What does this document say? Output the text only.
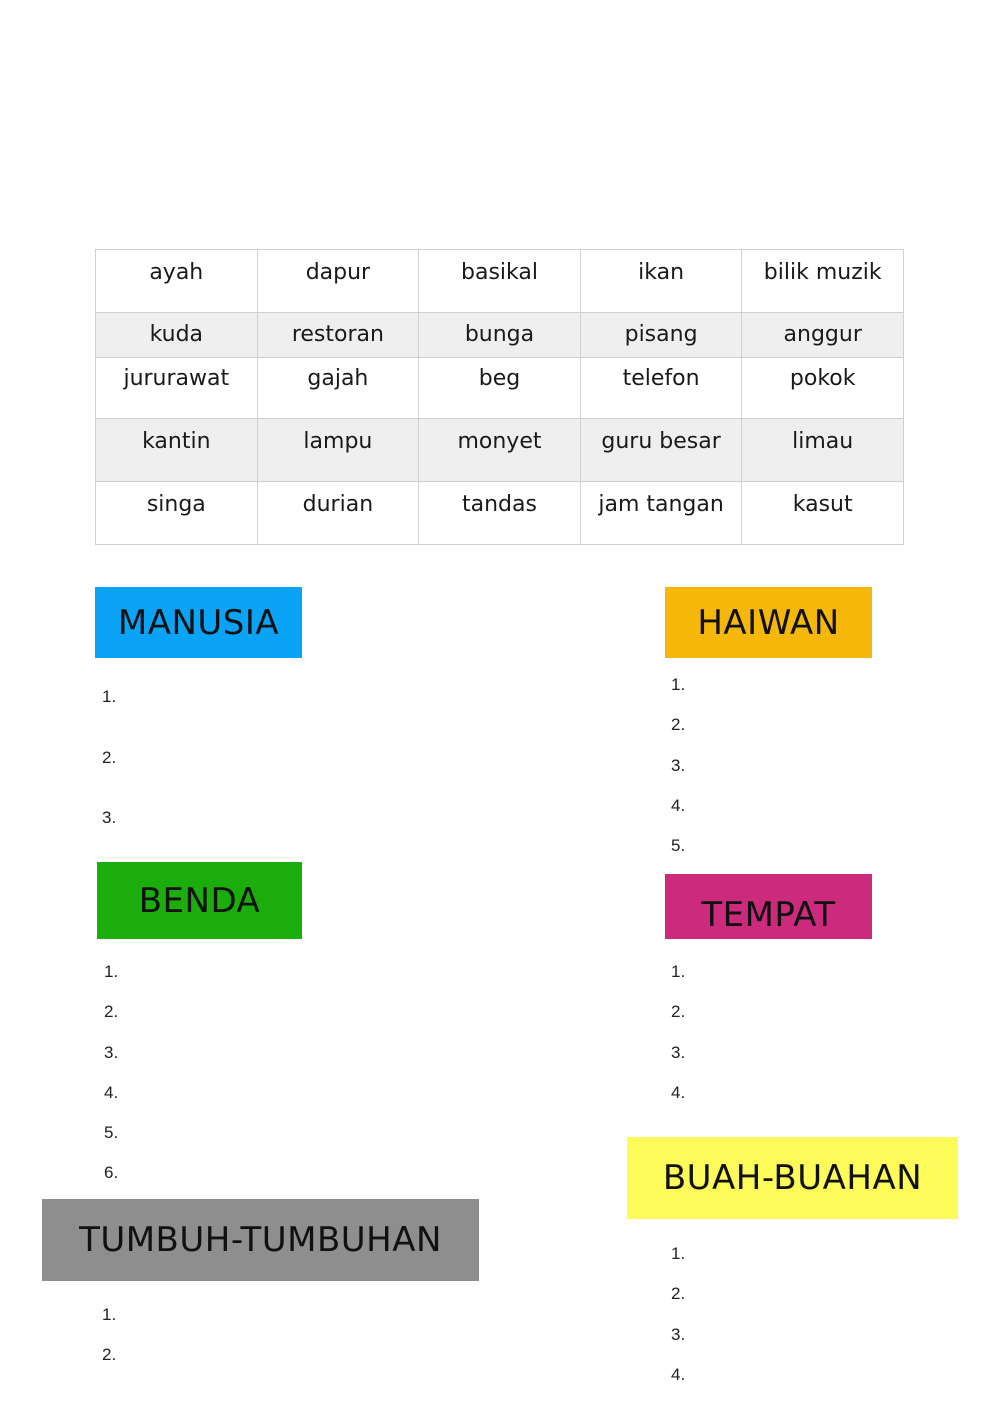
ayah	dapur	basikal	ikan	bilik muzik
kuda	restoran	bunga	pisang	anggur
jururawat	gajah	beg	telefon	pokok
kantin	lampu	monyet	guru besar	limau
singa	durian	tandas	jam tangan	kasut
MANUSIA
1.
2.
3.
HAIWAN
1.
2.
3.
4.
5.
BENDA
1.
2.
3.
4.
5.
6.
TEMPAT
1.
2.
3.
4.
BUAH-BUAHAN
1.
2.
3.
4.
TUMBUH-TUMBUHAN
1.
2.
